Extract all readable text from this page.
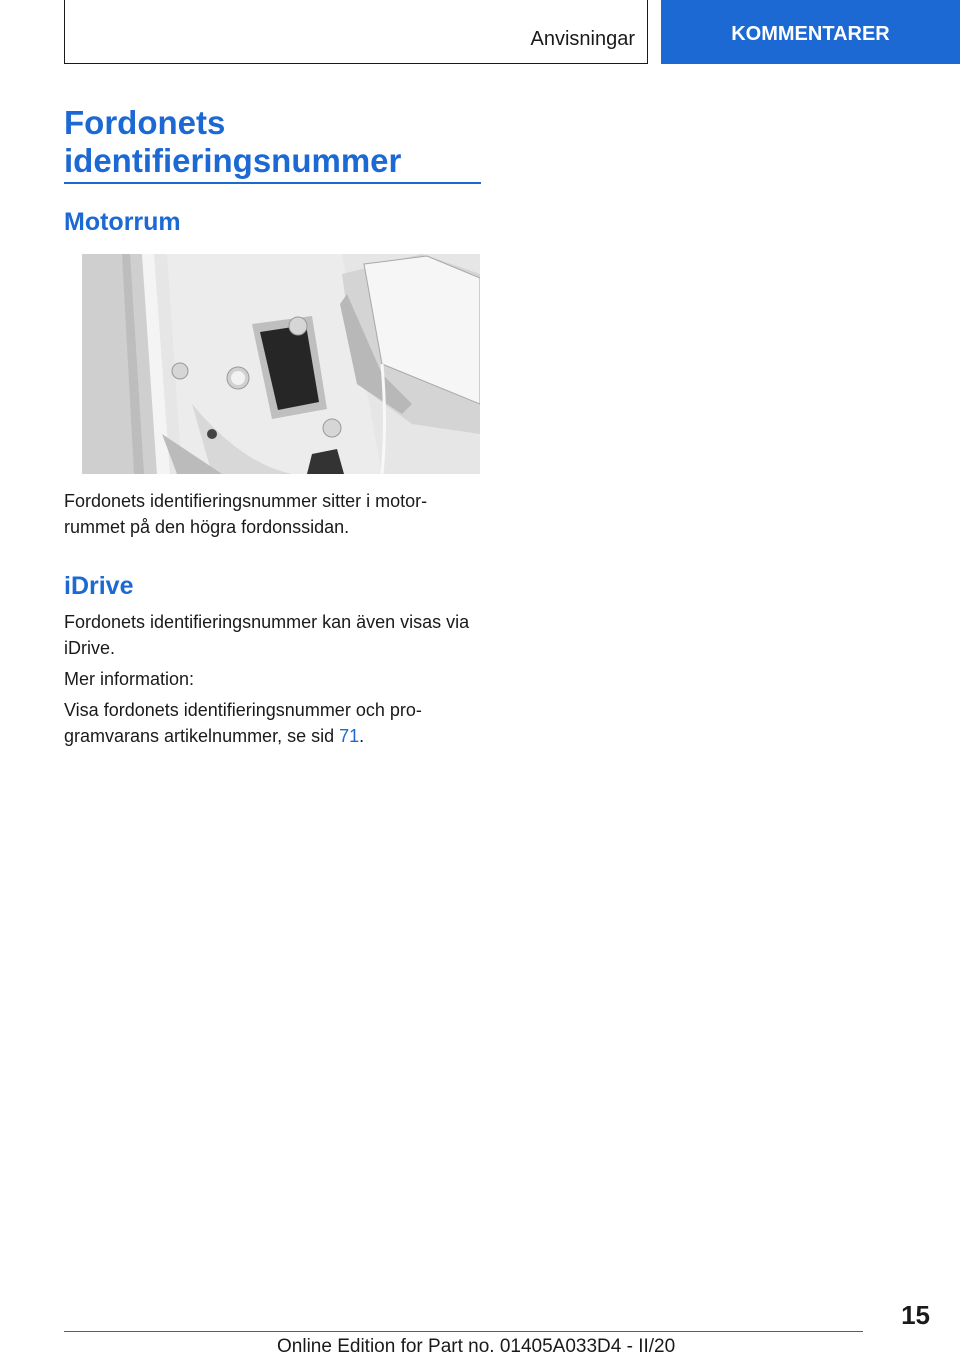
Anvisningar	KOMMENTARER
Fordonets identifieringsnummer
Motorrum

Fordonets identifieringsnummer sitter i motor-rummet på den högra fordonssidan.

iDrive

Fordonets identifieringsnummer kan även visas via iDrive.

Mer information:

Visa fordonets identifieringsnummer och pro-gramvarans artikelnummer, se sid 71.

15
Online Edition for Part no. 01405A033D4 - II/20
